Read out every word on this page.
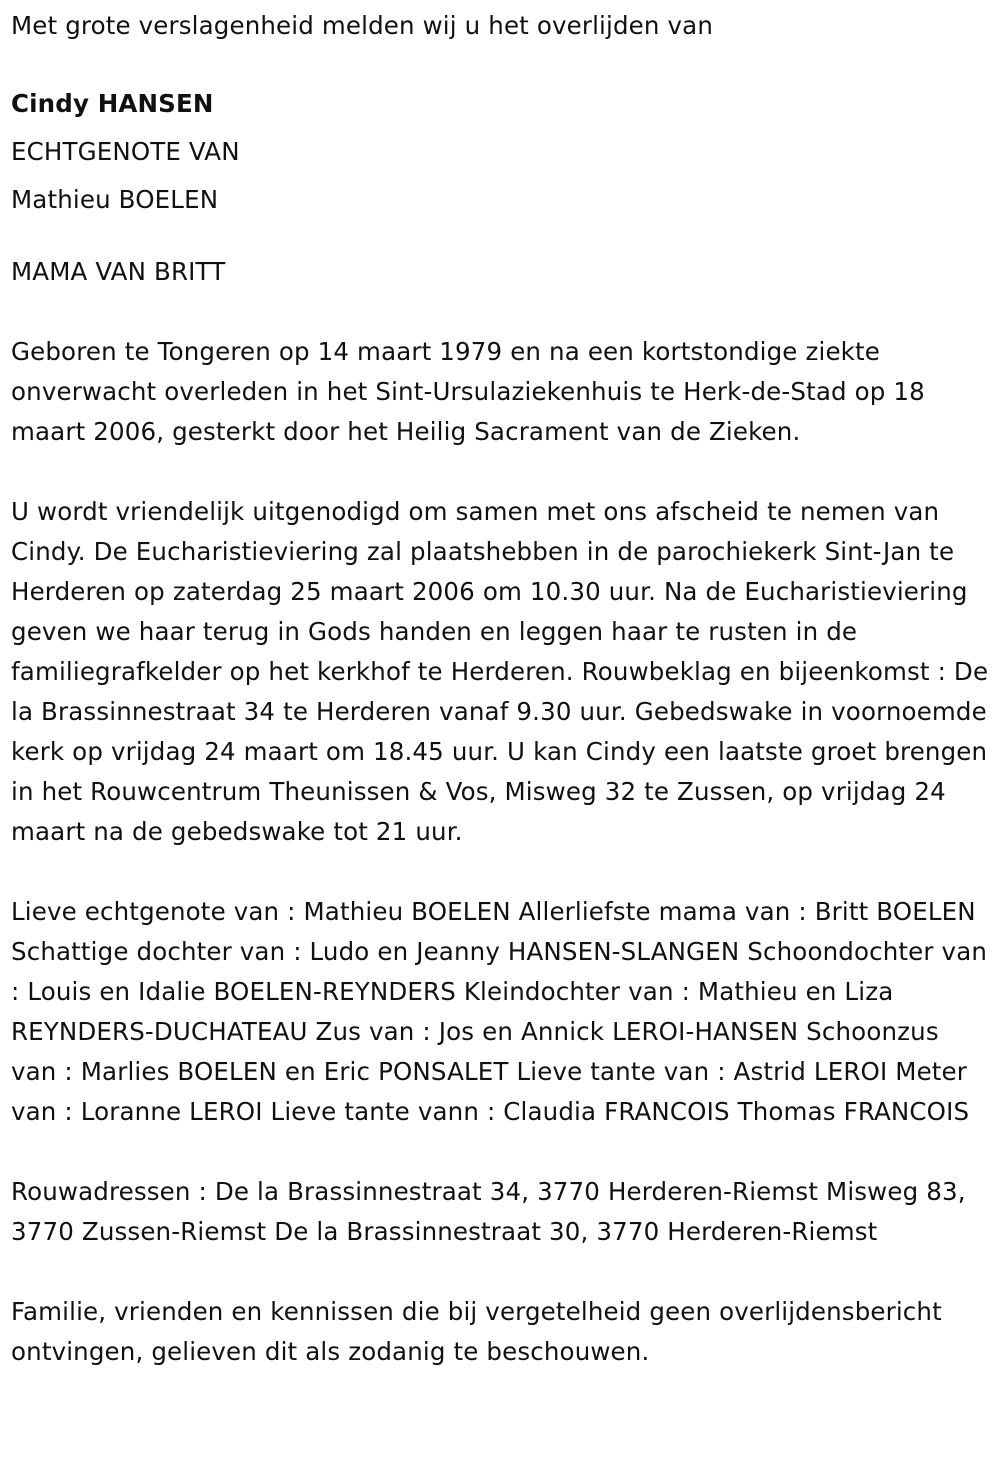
Met grote verslagenheid melden wij u het overlijden van

Cindy HANSEN

ECHTGENOTE VAN

Mathieu BOELEN

MAMA VAN BRITT

Geboren te Tongeren op 14 maart 1979 en na een kortstondige ziekte onverwacht overleden in het Sint-Ursulaziekenhuis te Herk-de-Stad op 18 maart 2006, gesterkt door het Heilig Sacrament van de Zieken.

U wordt vriendelijk uitgenodigd om samen met ons afscheid te nemen van Cindy. De Eucharistieviering zal plaatshebben in de parochiekerk Sint-Jan te Herderen op zaterdag 25 maart 2006 om 10.30 uur. Na de Eucharistieviering geven we haar terug in Gods handen en leggen haar te rusten in de familiegrafkelder op het kerkhof te Herderen. Rouwbeklag en bijeenkomst : De la Brassinnestraat 34 te Herderen vanaf 9.30 uur. Gebedswake in voornoemde kerk op vrijdag 24 maart om 18.45 uur. U kan Cindy een laatste groet brengen in het Rouwcentrum Theunissen & Vos, Misweg 32 te Zussen, op vrijdag 24 maart na de gebedswake tot 21 uur.

Lieve echtgenote van : Mathieu BOELEN Allerliefste mama van : Britt BOELEN Schattige dochter van : Ludo en Jeanny HANSEN-SLANGEN Schoondochter van : Louis en Idalie BOELEN-REYNDERS Kleindochter van : Mathieu en Liza REYNDERS-DUCHATEAU Zus van : Jos en Annick LEROI-HANSEN Schoonzus van : Marlies BOELEN en Eric PONSALET Lieve tante van : Astrid LEROI Meter van : Loranne LEROI Lieve tante vann : Claudia FRANCOIS Thomas FRANCOIS

Rouwadressen : De la Brassinnestraat 34, 3770 Herderen-Riemst Misweg 83, 3770 Zussen-Riemst De la Brassinnestraat 30, 3770 Herderen-Riemst

Familie, vrienden en kennissen die bij vergetelheid geen overlijdensbericht ontvingen, gelieven dit als zodanig te beschouwen.
